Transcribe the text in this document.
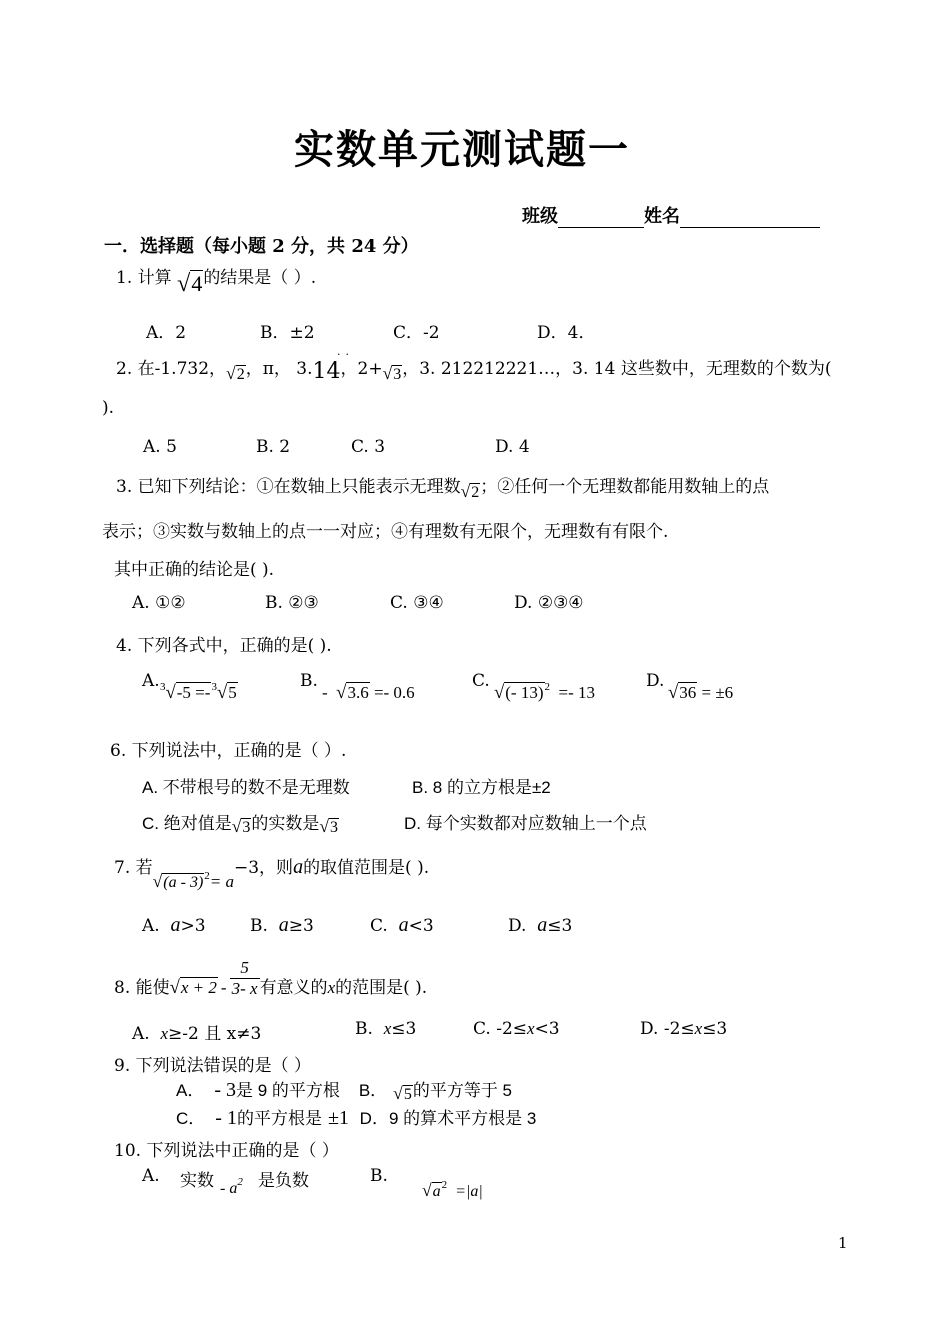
实数单元测试题一
班级	姓名
一．选择题（每小题 2 分，共 24 分）
1. 计算 √4的结果是（ ）.
A．2	B．±2	C．-2	D．4．
2. 在-1.732，√2，π， 3.14，2+√3，3. 212212221…，3. 14 这些数中，无理数的个数为(
··
).
A. 5	B. 2	C. 3	D. 4
3. 已知下列结论：①在数轴上只能表示无理数√2；②任何一个无理数都能用数轴上的点
表示；③实数与数轴上的点一一对应；④有理数有无限个，无理数有有限个.
其中正确的结论是( ).
A. ①②	B. ②③	C. ③④	D. ②③④
4. 下列各式中，正确的是( ).
A. $^3$√-5 =-$^3$√5
B.
- √3.6 =- 0.6
C.
√(- 13)$^2$ =- 13
D.
√36 = ±6
6. 下列说法中，正确的是（ ）.
A. 不带根号的数不是无理数	B. 8 的立方根是±2
C. 绝对值是√3的实数是√3	D. 每个实数都对应数轴上一个点
7. 若√(a - 3)$^2$= a−3，则a的取值范围是( ).
A. a>3	B. a≥3	C. a<3	D. a≤3
8. 能使$√x + 2 - \frac{5}{3- x}$ 有意义的x的范围是( ).
A. x≥-2 且 x≠3	B. x≤3	C. -2≤x<3	D. -2≤x≤3
9. 下列说法错误的是（ ）
A． - 3是 9 的平方根 B． √5的平方等于 5
C． - 1的平方根是 ±1 D．9 的算术平方根是 3
10. 下列说法中正确的是（ ）
A. 实数 - $a^2$ 是负数	B.
$√a^2 =|a|$
1
